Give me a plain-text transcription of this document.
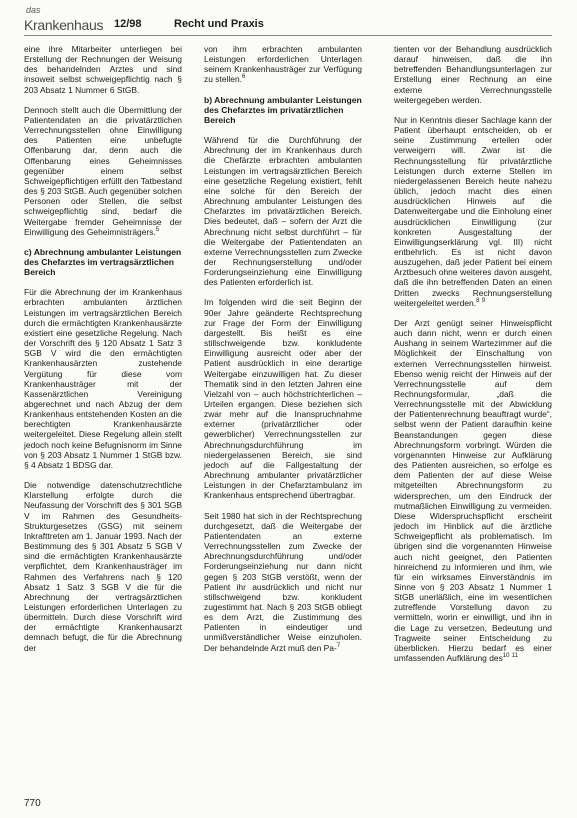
das
Krankenhaus 12/98	Recht und Praxis

eine ihre Mitarbeiter unterliegen bei Erstellung der Rechnungen der Weisung des behandelnden Arztes und sind insoweit selbst schweigepflichtig nach § 203 Absatz 1 Nummer 6 StGB.

Dennoch stellt auch die Übermittlung der Patientendaten an die privatärztlichen Verrechnungsstellen ohne Einwilligung des Patienten eine unbefugte Offenbarung dar, denn auch die Offenbarung eines Geheimnisses gegenüber einem selbst Schweigepflichtigen erfüllt den Tatbestand des § 203 StGB. Auch gegenüber solchen Personen oder Stellen, die selbst schweigepflichtig sind, bedarf die Weitergabe fremder Geheimnisse der Einwilligung des Geheimnisträgers.$^5$

c) Abrechnung ambulanter Leistungen des Chefarztes im vertragsärztlichen Bereich

Für die Abrechnung der im Krankenhaus erbrachten ambulanten ärztlichen Leistungen im vertragsärztlichen Bereich durch die ermächtigten Krankenhausärzte existiert eine gesetzliche Regelung. Nach der Vorschrift des § 120 Absatz 1 Satz 3 SGB V wird die den ermächtigten Krankenhausärzten zustehende Vergütung für diese vom Krankenhausträger mit der Kassenärztlichen Vereinigung abgerechnet und nach Abzug der dem Krankenhaus entstehenden Kosten an die berechtigten Krankenhausärzte weitergeleitet. Diese Regelung allein stellt jedoch noch keine Befugnisnorm im Sinne von § 203 Absatz 1 Nummer 1 StGB bzw. § 4 Absatz 1 BDSG dar.

Die notwendige datenschutzrechtliche Klarstellung erfolgte durch die Neufassung der Vorschrift des § 301 SGB V im Rahmen des Gesundheits-Strukturgesetzes (GSG) mit seinem Inkrafttreten am 1. Januar 1993. Nach der Bestimmung des § 301 Absatz 5 SGB V sind die ermächtigten Krankenhausärzte verpflichtet, dem Krankenhausträger im Rahmen des Verfahrens nach § 120 Absatz 1 Satz 3 SGB V die für die Abrechnung der vertragsärztlichen Leistungen erforderlichen Unterlagen zu übermitteln. Durch diese Vorschrift wird der ermächtigte Krankenhausarzt demnach befugt, die für die Abrechnung der

von ihm erbrachten ambulanten Leistungen erforderlichen Unterlagen seinem Krankenhausträger zur Verfügung zu stellen.$^6$

b) Abrechnung ambulanter Leistungen des Chefarztes im privatärztlichen Bereich

Während für die Durchführung der Abrechnung der im Krankenhaus durch die Chefärzte erbrachten ambulanten Leistungen im vertragsärztlichen Bereich eine gesetzliche Regelung existiert, fehlt eine solche für den Bereich der Abrechnung ambulanter Leistungen des Chefarztes im privatärztlichen Bereich. Dies bedeutet, daß – sofern der Arzt die Abrechnung nicht selbst durchführt – für die Weitergabe der Patientendaten an externe Verrechnungsstellen zum Zwecke der Rechnungserstellung und/oder Forderungseinziehung eine Einwilligung des Patienten erforderlich ist.

Im folgenden wird die seit Beginn der 90er Jahre geänderte Rechtsprechung zur Frage der Form der Einwilligung dargestellt. Bis heißt es eine stillschweigende bzw. konkludente Einwilligung ausreicht oder aber der Patient ausdrücklich in eine derartige Weitergabe einzuwilligen hat. Zu dieser Thematik sind in den letzten Jahren eine Vielzahl von – auch höchstrichterlichen – Urteilen ergangen. Diese beziehen sich zwar mehr auf die Inanspruchnahme externer (privatärztlicher oder gewerblicher) Verrechnungsstellen zur Abrechnungsdurchführung im niedergelassenen Bereich, sie sind jedoch auf die Fallgestaltung der Abrechnung ambulanter privatärztlicher Leistungen in der Chefarztambulanz im Krankenhaus entsprechend übertragbar.

Seit 1980 hat sich in der Rechtsprechung durchgesetzt, daß die Weitergabe der Patientendaten an externe Verrechnungsstellen zum Zwecke der Abrechnungsdurchführung und/oder Forderungseinziehung nur dann nicht gegen § 203 StGB verstößt, wenn der Patient ihr ausdrücklich und nicht nur stillschweigend bzw. konkludent zugestimmt hat. Nach § 203 StGB obliegt es dem Arzt, die Zustimmung des Patienten in eindeutiger und unmißverständlicher Weise einzuholen. Der behandelnde Arzt muß den Pa-$^7$

tienten vor der Behandlung ausdrücklich darauf hinweisen, daß die ihn betreffenden Behandlungsunterlagen zur Erstellung einer Rechnung an eine externe Verrechnungsstelle weitergegeben werden.

Nur in Kenntnis dieser Sachlage kann der Patient überhaupt entscheiden, ob er seine Zustimmung erteilen oder verweigern will. Zwar ist die Rechnungsstellung für privatärztliche Leistungen durch externe Stellen im niedergelassenen Bereich heute nahezu üblich, jedoch macht dies einen ausdrücklichen Hinweis auf die Datenweitergabe und die Einholung einer ausdrücklichen Einwilligung (zur konkreten Ausgestaltung der Einwilligungserklärung vgl. III) nicht entbehrlich. Es ist nicht davon auszugehen, daß jeder Patient bei einem Arztbesuch ohne weiteres davon ausgeht, daß die ihn betreffenden Daten an einen Dritten zwecks Rechnungserstellung weitergeleitet werden.$^8$ $^9$

Der Arzt genügt seiner Hinweispflicht auch dann nicht, wenn er durch einen Aushang in seinem Wartezimmer auf die Möglichkeit der Einschaltung von externen Verrechnungsstellen hinweist. Ebenso wenig reicht der Hinweis auf der Verrechnungsstelle auf dem Rechnungsformular, „daß die Verrechnungsstelle mit der Abwicklung der Patientenrechnung beauftragt wurde“, selbst wenn der Patient daraufhin keine Beanstandungen gegen diese Abrechnungsform vorbringt. Würden die vorgenannten Hinweise zur Aufklärung des Patienten ausreichen, so erfolge es dem Patienten der auf diese Weise mitgeteilten Abrechnungsform zu widersprechen, um den Eindruck der mutmaßlichen Einwilligung zu vermeiden. Diese Widerspruchspflicht erscheint jedoch im Hinblick auf die ärztliche Schweigepflicht als problematisch. Im übrigen sind die vorgenannten Hinweise auch nicht geeignet, den Patienten hinreichend zu informieren und ihm, wie für ein wirksames Einverständnis im Sinne von § 203 Absatz 1 Nummer 1 StGB unerläßlich, eine im wesentlichen zutreffende Vorstellung davon zu vermitteln, worin er einwilligt, und ihn in die Lage zu versetzen, Bedeutung und Tragweite seiner Entscheidung zu überblicken. Hierzu bedarf es einer umfassenden Aufklärung des$^{10}$ $^{11}$

770
